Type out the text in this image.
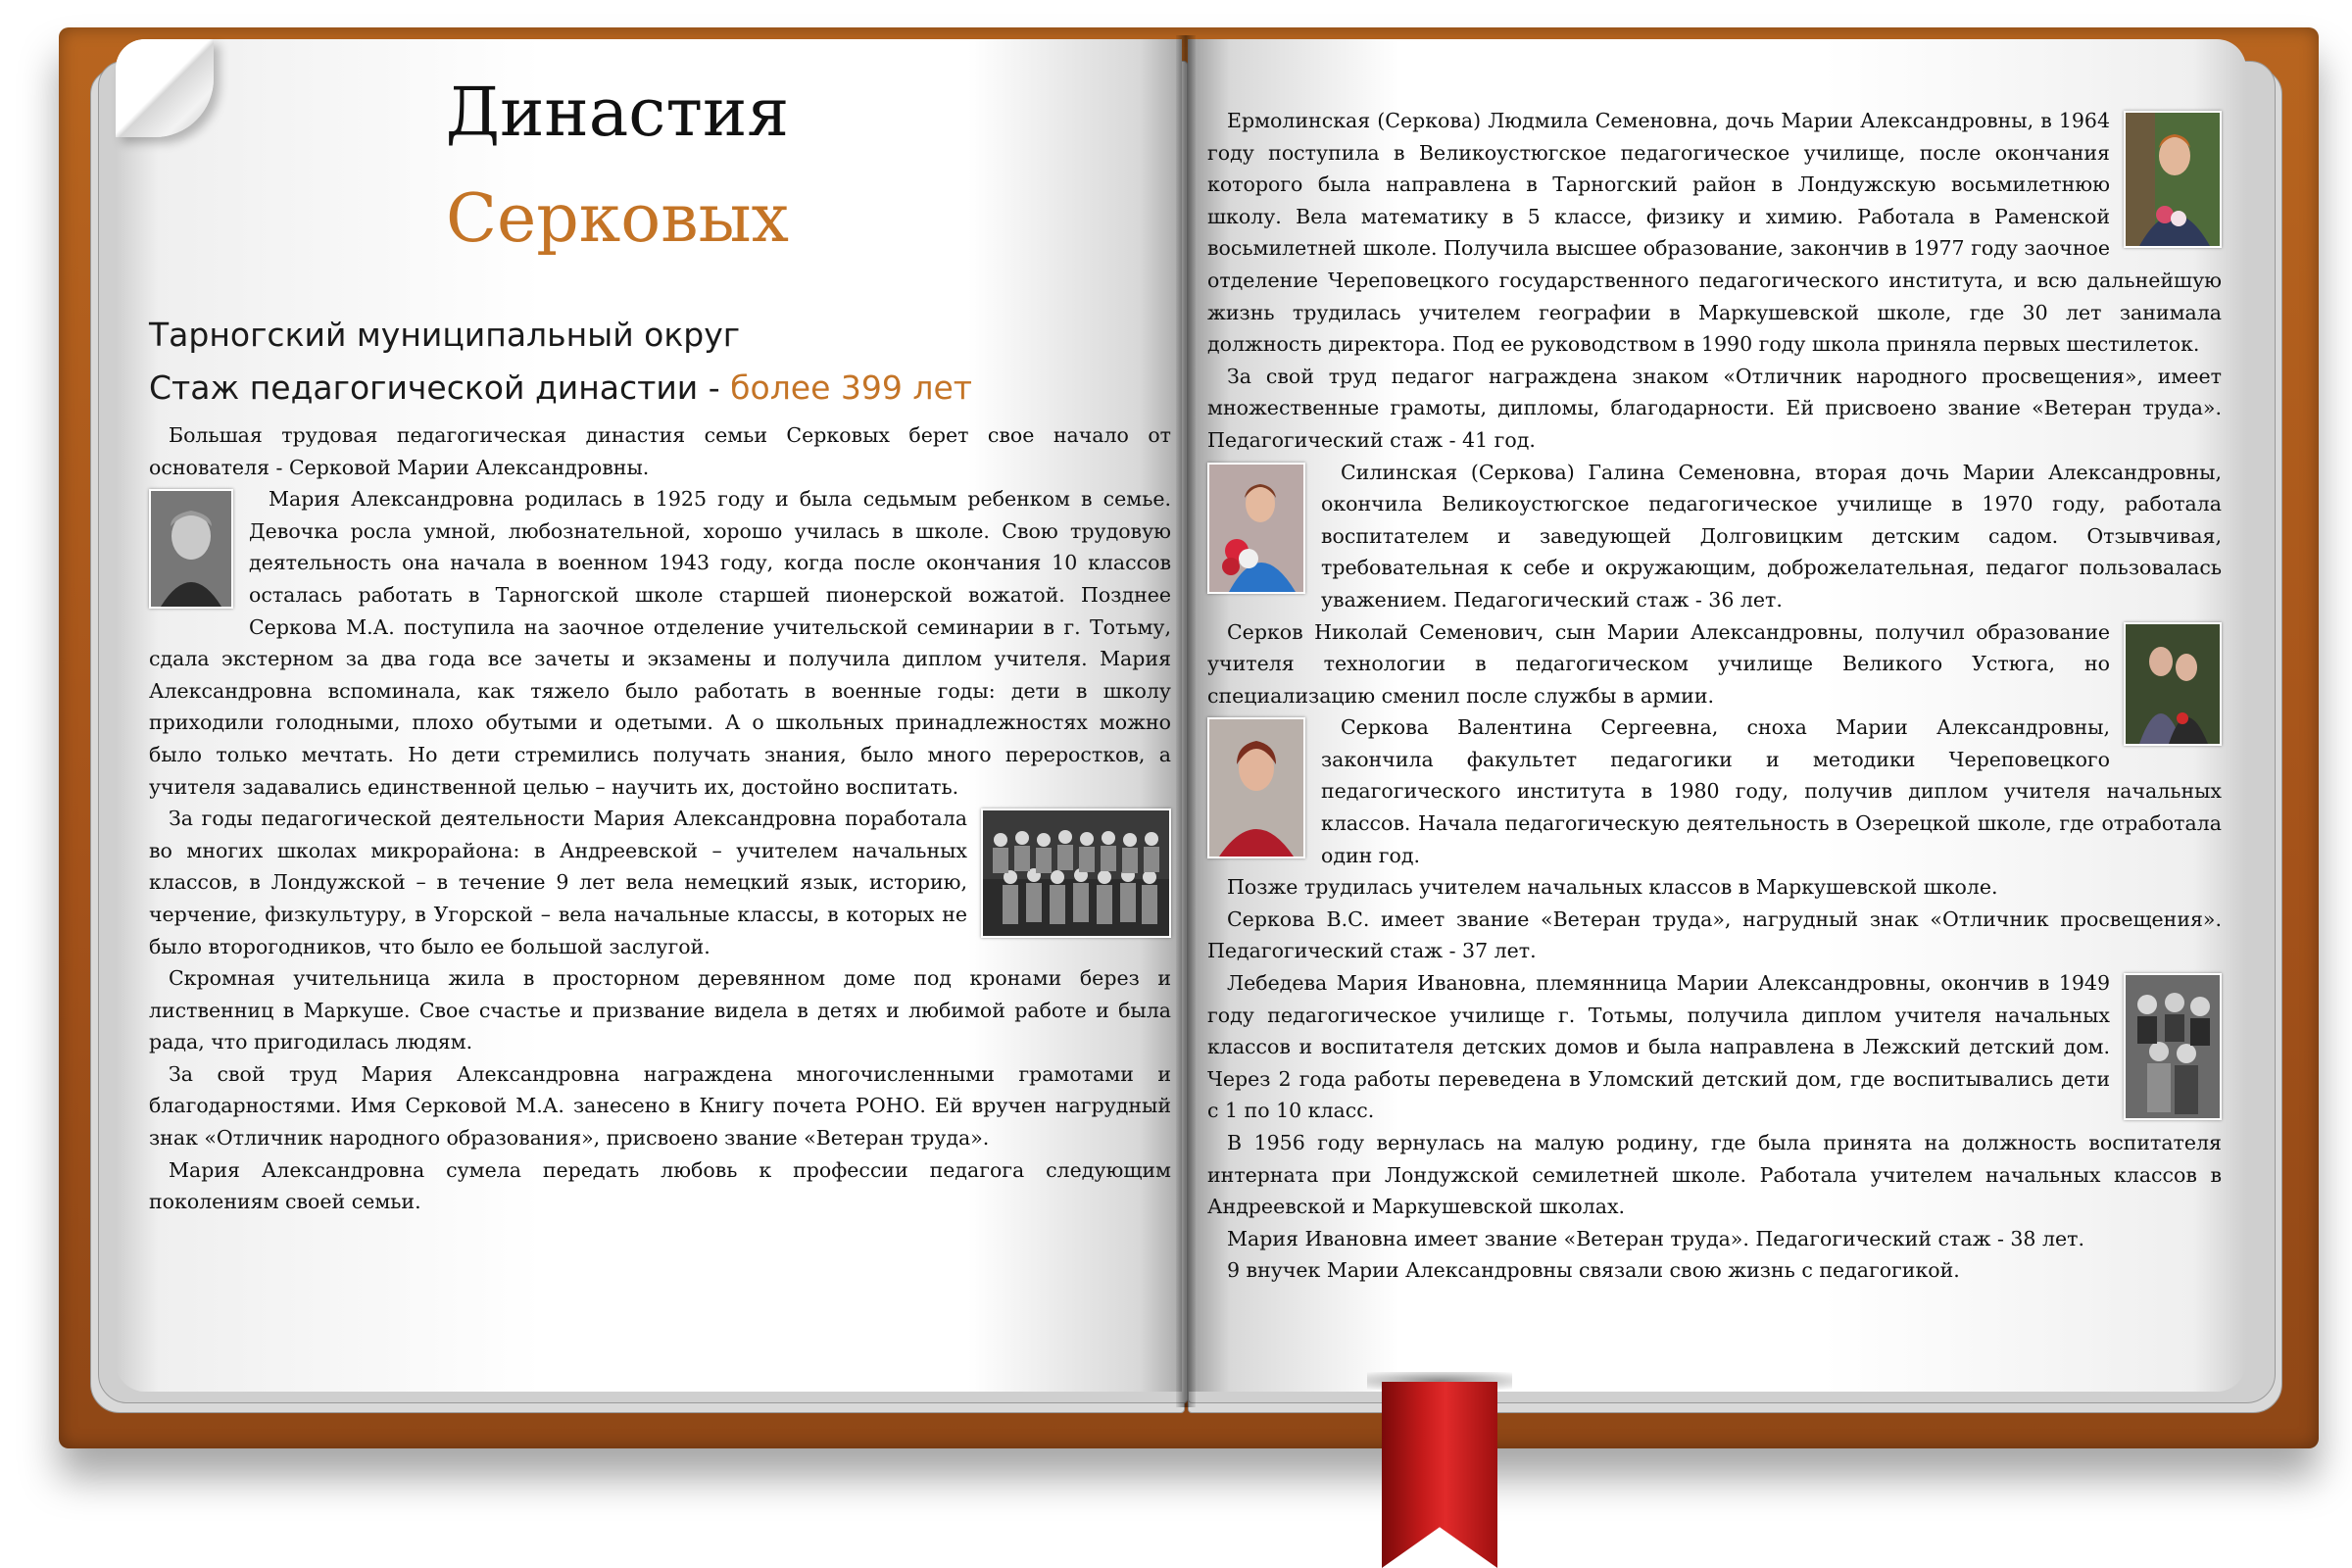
Династия
Серковых
Тарногский муниципальный округ
Стаж педагогической династии - более 399 лет

Большая трудовая педагогическая династия семьи Серковых берет свое начало от основателя - Серковой Марии Александровны.

Мария Александровна родилась в 1925 году и была седьмым ребенком в семье. Девочка росла умной, любознательной, хорошо училась в школе. Свою трудовую деятельность она начала в военном 1943 году, когда после окончания 10 классов осталась работать в Тарногской школе старшей пионерской вожатой. Позднее Серкова М.А. поступила на заочное отделение учительской семинарии в г. Тотьму, сдала экстерном за два года все зачеты и экзамены и получила диплом учителя. Мария Александровна вспоминала, как тяжело было работать в военные годы: дети в школу приходили голодными, плохо обутыми и одетыми. А о школьных принадлежностях можно было только мечтать. Но дети стремились получать знания, было много переростков, а учителя задавались единственной целью – научить их, достойно воспитать.

За годы педагогической деятельности Мария Александровна поработала во многих школах микрорайона: в Андреевской – учителем начальных классов, в Лондужской – в течение 9 лет вела немецкий язык, историю, черчение, физкультуру, в Угорской – вела начальные классы, в которых не было второгодников, что было ее большой заслугой.

Скромная учительница жила в просторном деревянном доме под кронами берез и лиственниц в Маркуше. Свое счастье и призвание видела в детях и любимой работе и была рада, что пригодилась людям.

За свой труд Мария Александровна награждена многочисленными грамотами и благодарностями. Имя Серковой М.А. занесено в Книгу почета РОНО. Ей вручен нагрудный знак «Отличник народного образования», присвоено звание «Ветеран труда».

Мария Александровна сумела передать любовь к профессии педагога следующим поколениям своей семьи.

Ермолинская (Серкова) Людмила Семеновна, дочь Марии Александровны, в 1964 году поступила в Великоустюгское педагогическое училище, после окончания которого была направлена в Тарногский район в Лондужскую восьмилетнюю школу. Вела математику в 5 классе, физику и химию. Работала в Раменской восьмилетней школе. Получила высшее образование, закончив в 1977 году заочное отделение Череповецкого государственного педагогического института, и всю дальнейшую жизнь трудилась учителем географии в Маркушевской школе, где 30 лет занимала должность директора. Под ее руководством в 1990 году школа приняла первых шестилеток.

За свой труд педагог награждена знаком «Отличник народного просвещения», имеет множественные грамоты, дипломы, благодарности. Ей присвоено звание «Ветеран труда». Педагогический стаж - 41 год.

Силинская (Серкова) Галина Семеновна, вторая дочь Марии Александровны, окончила Великоустюгское педагогическое училище в 1970 году, работала воспитателем и заведующей Долговицким детским садом. Отзывчивая, требовательная к себе и окружающим, доброжелательная, педагог пользовалась уважением. Педагогический стаж - 36 лет.

Серков Николай Семенович, сын Марии Александровны, получил образование учителя технологии в педагогическом училище Великого Устюга, но специализацию сменил после службы в армии.

Серкова Валентина Сергеевна, сноха Марии Александровны, закончила факультет педагогики и методики Череповецкого педагогического института в 1980 году, получив диплом учителя начальных классов. Начала педагогическую деятельность в Озерецкой школе, где отработала один год.

Позже трудилась учителем начальных классов в Маркушевской школе.

Серкова В.С. имеет звание «Ветеран труда», нагрудный знак «Отличник просвещения». Педагогический стаж - 37 лет.

Лебедева Мария Ивановна, племянница Марии Александровны, окончив в 1949 году педагогическое училище г. Тотьмы, получила диплом учителя начальных классов и воспитателя детских домов и была направлена в Лежский детский дом. Через 2 года работы переведена в Уломский детский дом, где воспитывались дети с 1 по 10 класс.

В 1956 году вернулась на малую родину, где была принята на должность воспитателя интерната при Лондужской семилетней школе. Работала учителем начальных классов в Андреевской и Маркушевской школах.

Мария Ивановна имеет звание «Ветеран труда». Педагогический стаж - 38 лет.

9 внучек Марии Александровны связали свою жизнь с педагогикой.
